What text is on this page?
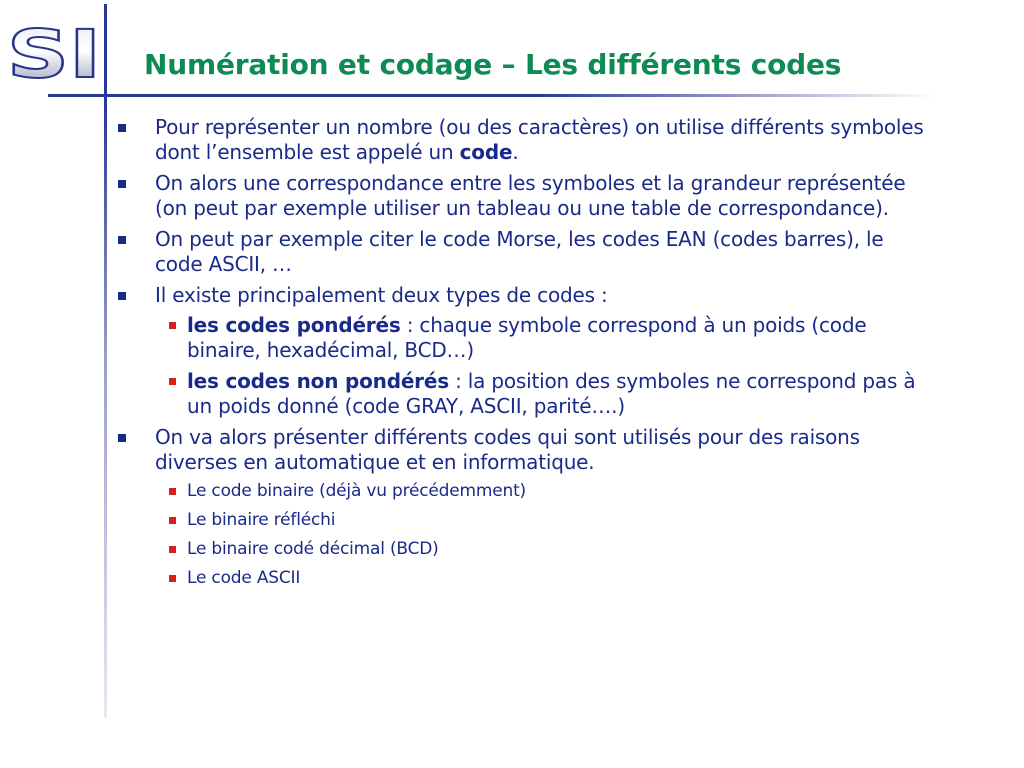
SI Numération et codage – Les différents codes
Pour représenter un nombre (ou des caractères) on utilise différents symboles dont l’ensemble est appelé un code.
On alors une correspondance entre les symboles et la grandeur représentée (on peut par exemple utiliser un tableau ou une table de correspondance).
On peut par exemple citer le code Morse, les codes EAN (codes barres), le code ASCII, …
Il existe principalement deux types de codes :
les codes pondérés : chaque symbole correspond à un poids (code binaire, hexadécimal, BCD…)
les codes non pondérés : la position des symboles ne correspond pas à un poids donné (code GRAY, ASCII, parité….)
On va alors présenter différents codes qui sont utilisés pour des raisons diverses en automatique et en informatique.
Le code binaire (déjà vu précédemment)
Le binaire réfléchi
Le binaire codé décimal (BCD)
Le code ASCII
